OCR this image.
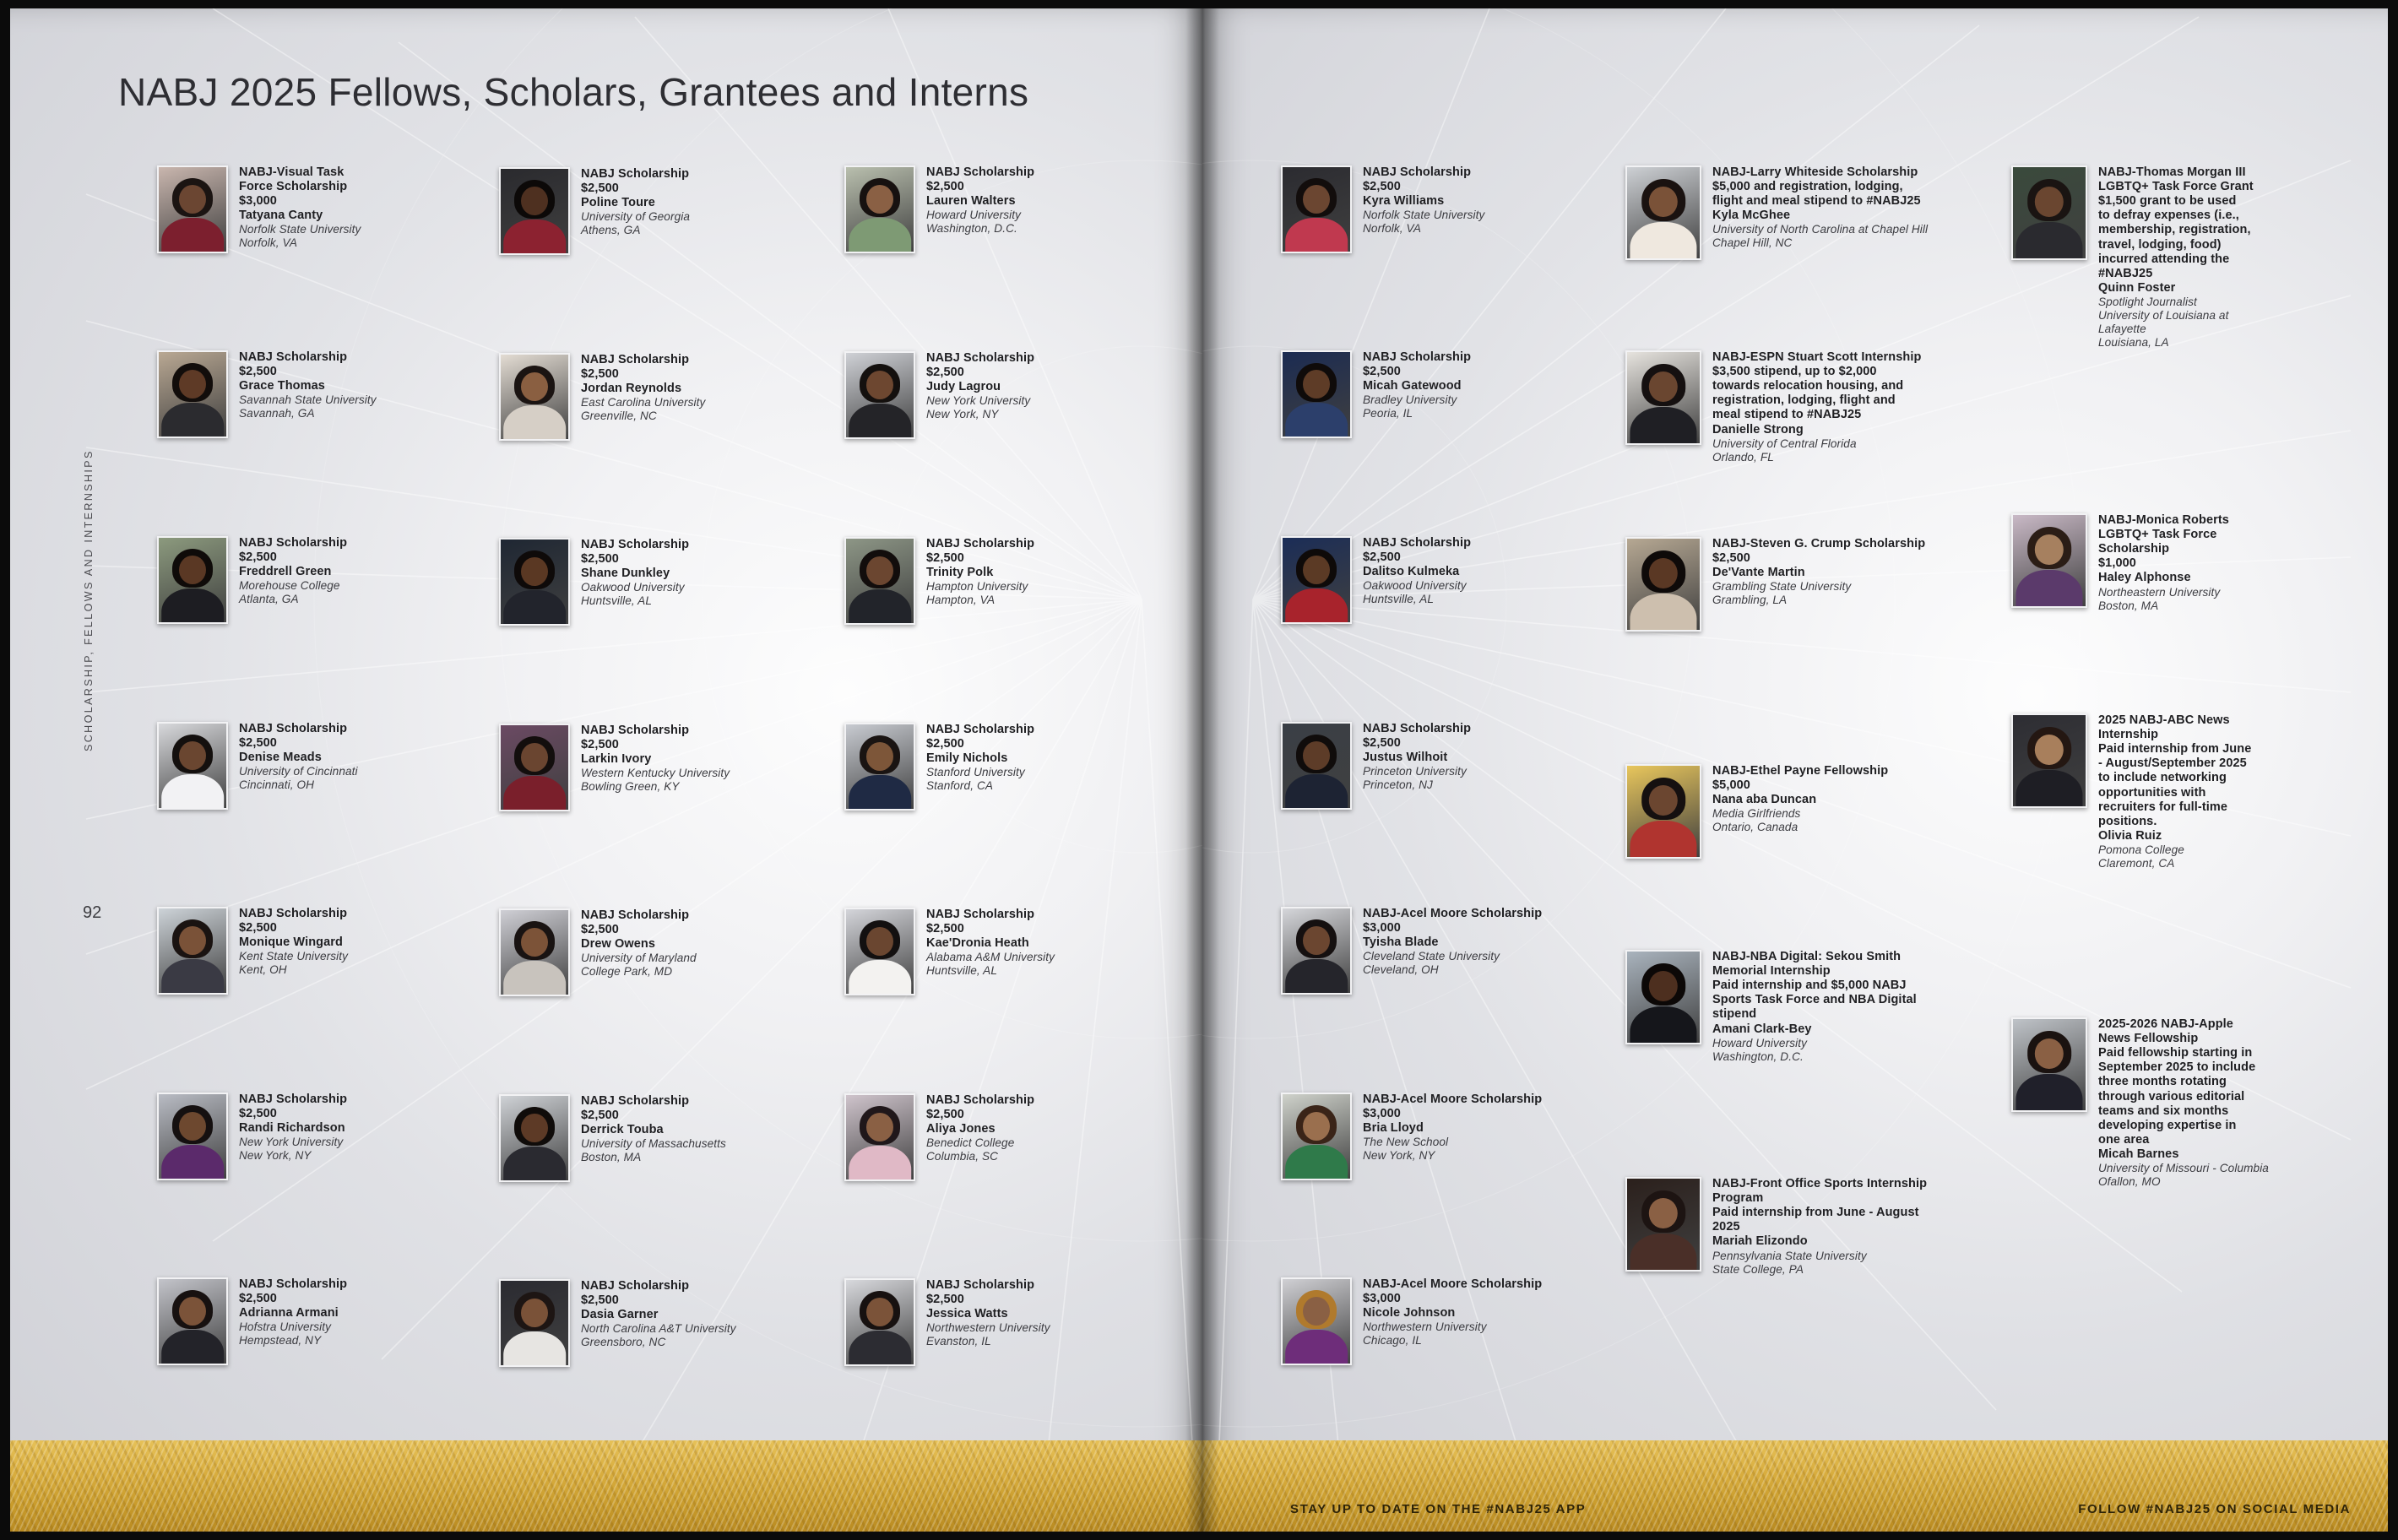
NABJ 2025 Fellows, Scholars, Grantees and Interns
SCHOLARSHIP, FELLOWS AND INTERNSHIPS
92
NABJ-Visual Task
Force Scholarship
$3,000
Tatyana Canty
Norfolk State University
Norfolk, VA
NABJ Scholarship
$2,500
Grace Thomas
Savannah State University
Savannah, GA
NABJ Scholarship
$2,500
Freddrell Green
Morehouse College
Atlanta, GA
NABJ Scholarship
$2,500
Denise Meads
University of Cincinnati
Cincinnati, OH
NABJ Scholarship
$2,500
Monique Wingard
Kent State University
Kent, OH
NABJ Scholarship
$2,500
Randi Richardson
New York University
New York, NY
NABJ Scholarship
$2,500
Adrianna Armani
Hofstra University
Hempstead, NY
NABJ Scholarship
$2,500
Poline Toure
University of Georgia
Athens, GA
NABJ Scholarship
$2,500
Jordan Reynolds
East Carolina University
Greenville, NC
NABJ Scholarship
$2,500
Shane Dunkley
Oakwood University
Huntsville, AL
NABJ Scholarship
$2,500
Larkin Ivory
Western Kentucky University
Bowling Green, KY
NABJ Scholarship
$2,500
Drew Owens
University of Maryland
College Park, MD
NABJ Scholarship
$2,500
Derrick Touba
University of Massachusetts
Boston, MA
NABJ Scholarship
$2,500
Dasia Garner
North Carolina A&T University
Greensboro, NC
NABJ Scholarship
$2,500
Lauren Walters
Howard University
Washington, D.C.
NABJ Scholarship
$2,500
Judy Lagrou
New York University
New York, NY
NABJ Scholarship
$2,500
Trinity Polk
Hampton University
Hampton, VA
NABJ Scholarship
$2,500
Emily Nichols
Stanford University
Stanford, CA
NABJ Scholarship
$2,500
Kae'Dronia Heath
Alabama A&M University
Huntsville, AL
NABJ Scholarship
$2,500
Aliya Jones
Benedict College
Columbia, SC
NABJ Scholarship
$2,500
Jessica Watts
Northwestern University
Evanston, IL
NABJ Scholarship
$2,500
Kyra Williams
Norfolk State University
Norfolk, VA
NABJ Scholarship
$2,500
Micah Gatewood
Bradley University
Peoria, IL
NABJ Scholarship
$2,500
Dalitso Kulmeka
Oakwood University
Huntsville, AL
NABJ Scholarship
$2,500
Justus Wilhoit
Princeton University
Princeton, NJ
NABJ-Acel Moore Scholarship
$3,000
Tyisha Blade
Cleveland State University
Cleveland, OH
NABJ-Acel Moore Scholarship
$3,000
Bria Lloyd
The New School
New York, NY
NABJ-Acel Moore Scholarship
$3,000
Nicole Johnson
Northwestern University
Chicago, IL
NABJ-Larry Whiteside Scholarship
$5,000 and registration, lodging,
flight and meal stipend to #NABJ25
Kyla McGhee
University of North Carolina at Chapel Hill
Chapel Hill, NC
NABJ-ESPN Stuart Scott Internship
$3,500 stipend, up to $2,000
towards relocation housing, and
registration, lodging, flight and
meal stipend to #NABJ25
Danielle Strong
University of Central Florida
Orlando, FL
NABJ-Steven G. Crump Scholarship
$2,500
De'Vante Martin
Grambling State University
Grambling, LA
NABJ-Ethel Payne Fellowship
$5,000
Nana aba Duncan
Media Girlfriends
Ontario, Canada
NABJ-NBA Digital: Sekou Smith
Memorial Internship
Paid internship and $5,000 NABJ
Sports Task Force and NBA Digital
stipend
Amani Clark-Bey
Howard University
Washington, D.C.
NABJ-Front Office Sports Internship
Program
Paid internship from June - August
2025
Mariah Elizondo
Pennsylvania State University
State College, PA
NABJ-Thomas Morgan III
LGBTQ+ Task Force Grant
$1,500 grant to be used
to defray expenses (i.e.,
membership, registration,
travel, lodging, food)
incurred attending the
#NABJ25
Quinn Foster
Spotlight Journalist
University of Louisiana at
Lafayette
Louisiana, LA
NABJ-Monica Roberts
LGBTQ+ Task Force
Scholarship
$1,000
Haley Alphonse
Northeastern University
Boston, MA
2025 NABJ-ABC News
Internship
Paid internship from June
- August/September 2025
to include networking
opportunities with
recruiters for full-time
positions.
Olivia Ruiz
Pomona College
Claremont, CA
2025-2026 NABJ-Apple
News Fellowship
Paid fellowship starting in
September 2025 to include
three months rotating
through various editorial
teams and six months
developing expertise in
one area
Micah Barnes
University of Missouri - Columbia
Ofallon, MO
STAY UP TO DATE ON THE #NABJ25 APP	FOLLOW #NABJ25 ON SOCIAL MEDIA
